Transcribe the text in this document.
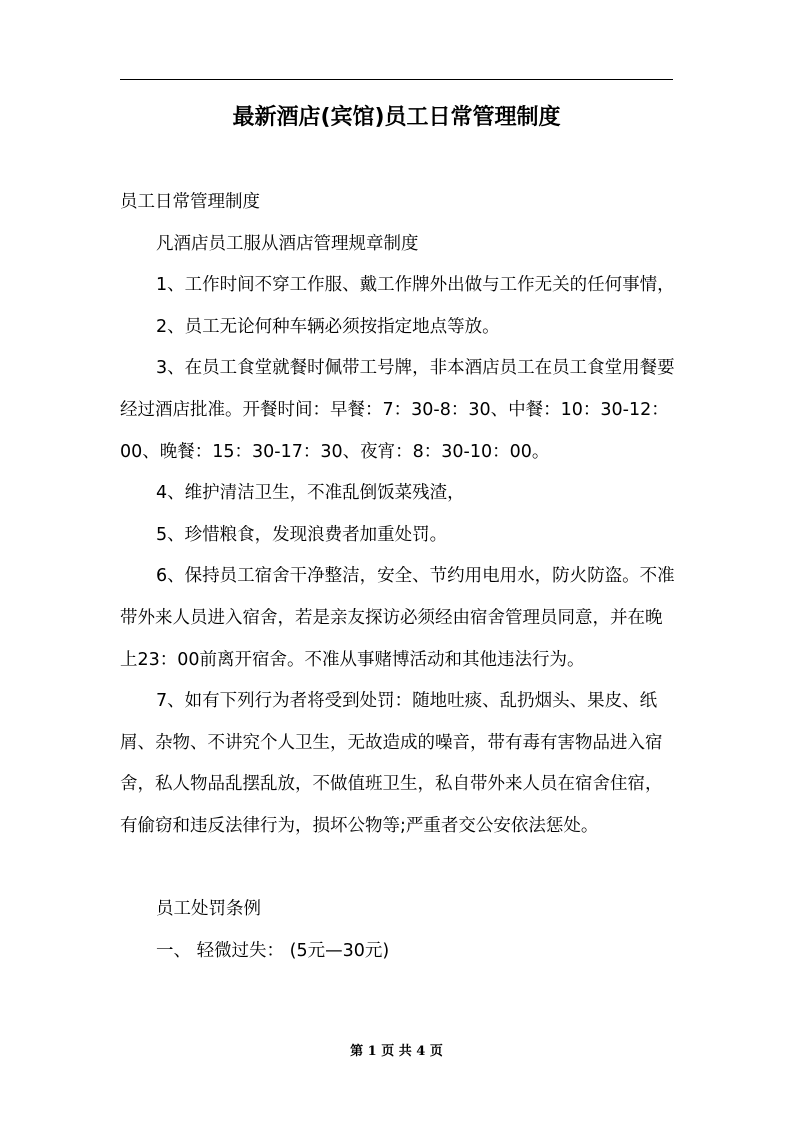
最新酒店(宾馆)员工日常管理制度

员工日常管理制度

凡酒店员工服从酒店管理规章制度

1、工作时间不穿工作服、戴工作牌外出做与工作无关的任何事情，

2、员工无论何种车辆必须按指定地点等放。

3、在员工食堂就餐时佩带工号牌，非本酒店员工在员工食堂用餐要经过酒店批准。开餐时间：早餐：7：30-8：30、中餐：10：30-12：00、晚餐：15：30-17：30、夜宵：8：30-10：00。

4、维护清洁卫生，不准乱倒饭菜残渣，

5、珍惜粮食，发现浪费者加重处罚。

6、保持员工宿舍干净整洁，安全、节约用电用水，防火防盗。不准带外来人员进入宿舍，若是亲友探访必须经由宿舍管理员同意，并在晚上23：00前离开宿舍。不准从事赌博活动和其他违法行为。

7、如有下列行为者将受到处罚：随地吐痰、乱扔烟头、果皮、纸屑、杂物、不讲究个人卫生，无故造成的噪音，带有毒有害物品进入宿舍，私人物品乱摆乱放，不做值班卫生，私自带外来人员在宿舍住宿，有偷窃和违反法律行为，损坏公物等;严重者交公安依法惩处。

员工处罚条例

一、 轻微过失： (5元—30元)

第 1 页 共 4 页
